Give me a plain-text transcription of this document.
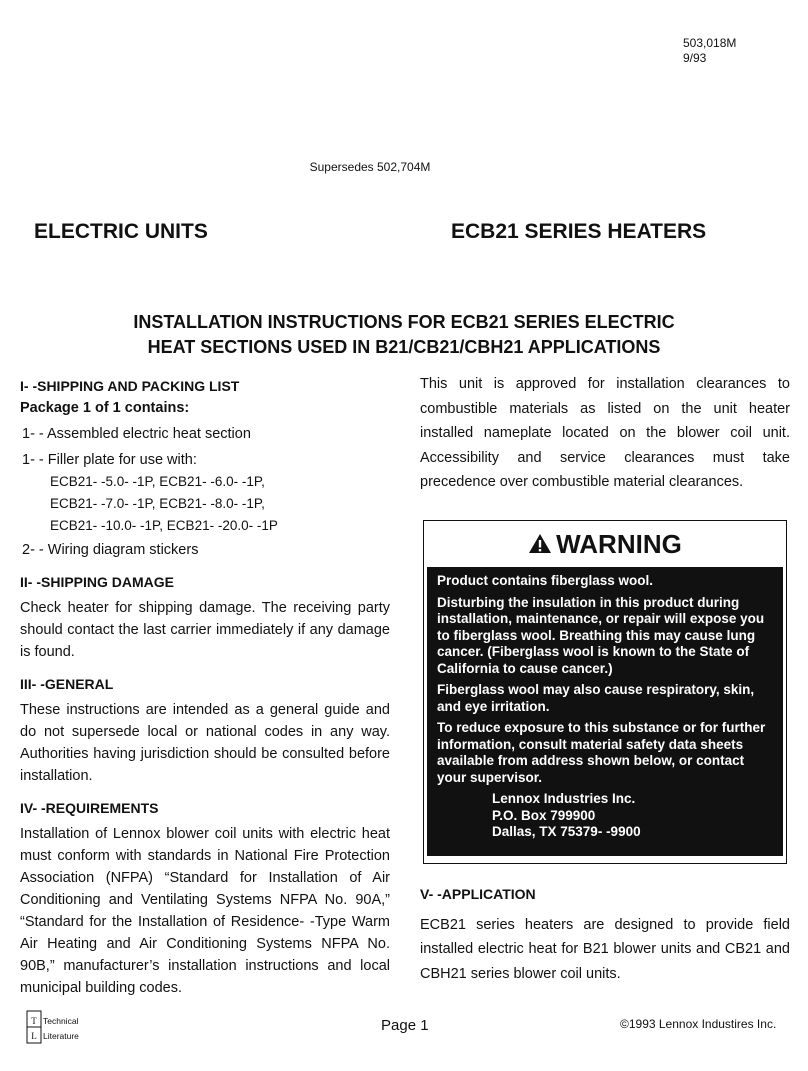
503,018M
9/93
Supersedes 502,704M
ELECTRIC UNITS	ECB21 SERIES HEATERS
INSTALLATION INSTRUCTIONS FOR ECB21 SERIES ELECTRIC
HEAT SECTIONS USED IN B21/CB21/CBH21 APPLICATIONS
I- -SHIPPING AND PACKING LIST
Package 1 of 1 contains:
1- - Assembled electric heat section
1- - Filler plate for use with:
ECB21- -5.0- -1P, ECB21- -6.0- -1P,
ECB21- -7.0- -1P, ECB21- -8.0- -1P,
ECB21- -10.0- -1P, ECB21- -20.0- -1P
2- - Wiring diagram stickers
II- -SHIPPING DAMAGE

Check heater for shipping damage. The receiving party should contact the last carrier immediately if any damage is found.

III- -GENERAL

These instructions are intended as a general guide and do not supersede local or national codes in any way. Authorities having jurisdiction should be consulted before installation.

IV- -REQUIREMENTS

Installation of Lennox blower coil units with electric heat must conform with standards in National Fire Protection Association (NFPA) “Standard for Installation of Air Conditioning and Ventilating Systems NFPA No. 90A,” “Standard for the Installation of Residence- -Type Warm Air Heating and Air Conditioning Systems NFPA No. 90B,” manufacturer’s installation instructions and local municipal building codes.

This unit is approved for installation clearances to combustible materials as listed on the unit heater installed nameplate located on the blower coil unit. Accessibility and service clearances must take precedence over combustible material clearances.

WARNING

Product contains fiberglass wool.

Disturbing the insulation in this product during installation, maintenance, or repair will expose you to fiberglass wool. Breathing this may cause lung cancer. (Fiberglass wool is known to the State of California to cause cancer.)

Fiberglass wool may also cause respiratory, skin, and eye irritation.

To reduce exposure to this substance or for further information, consult material safety data sheets available from address shown below, or contact your supervisor.

Lennox Industries Inc.
P.O. Box 799900
Dallas, TX 75379- -9900
V- -APPLICATION

ECB21 series heaters are designed to provide field installed electric heat for B21 blower units and CB21 and CBH21 series blower coil units.

T
L
Technical
Literature
Page 1	©1993 Lennox Industires Inc.
